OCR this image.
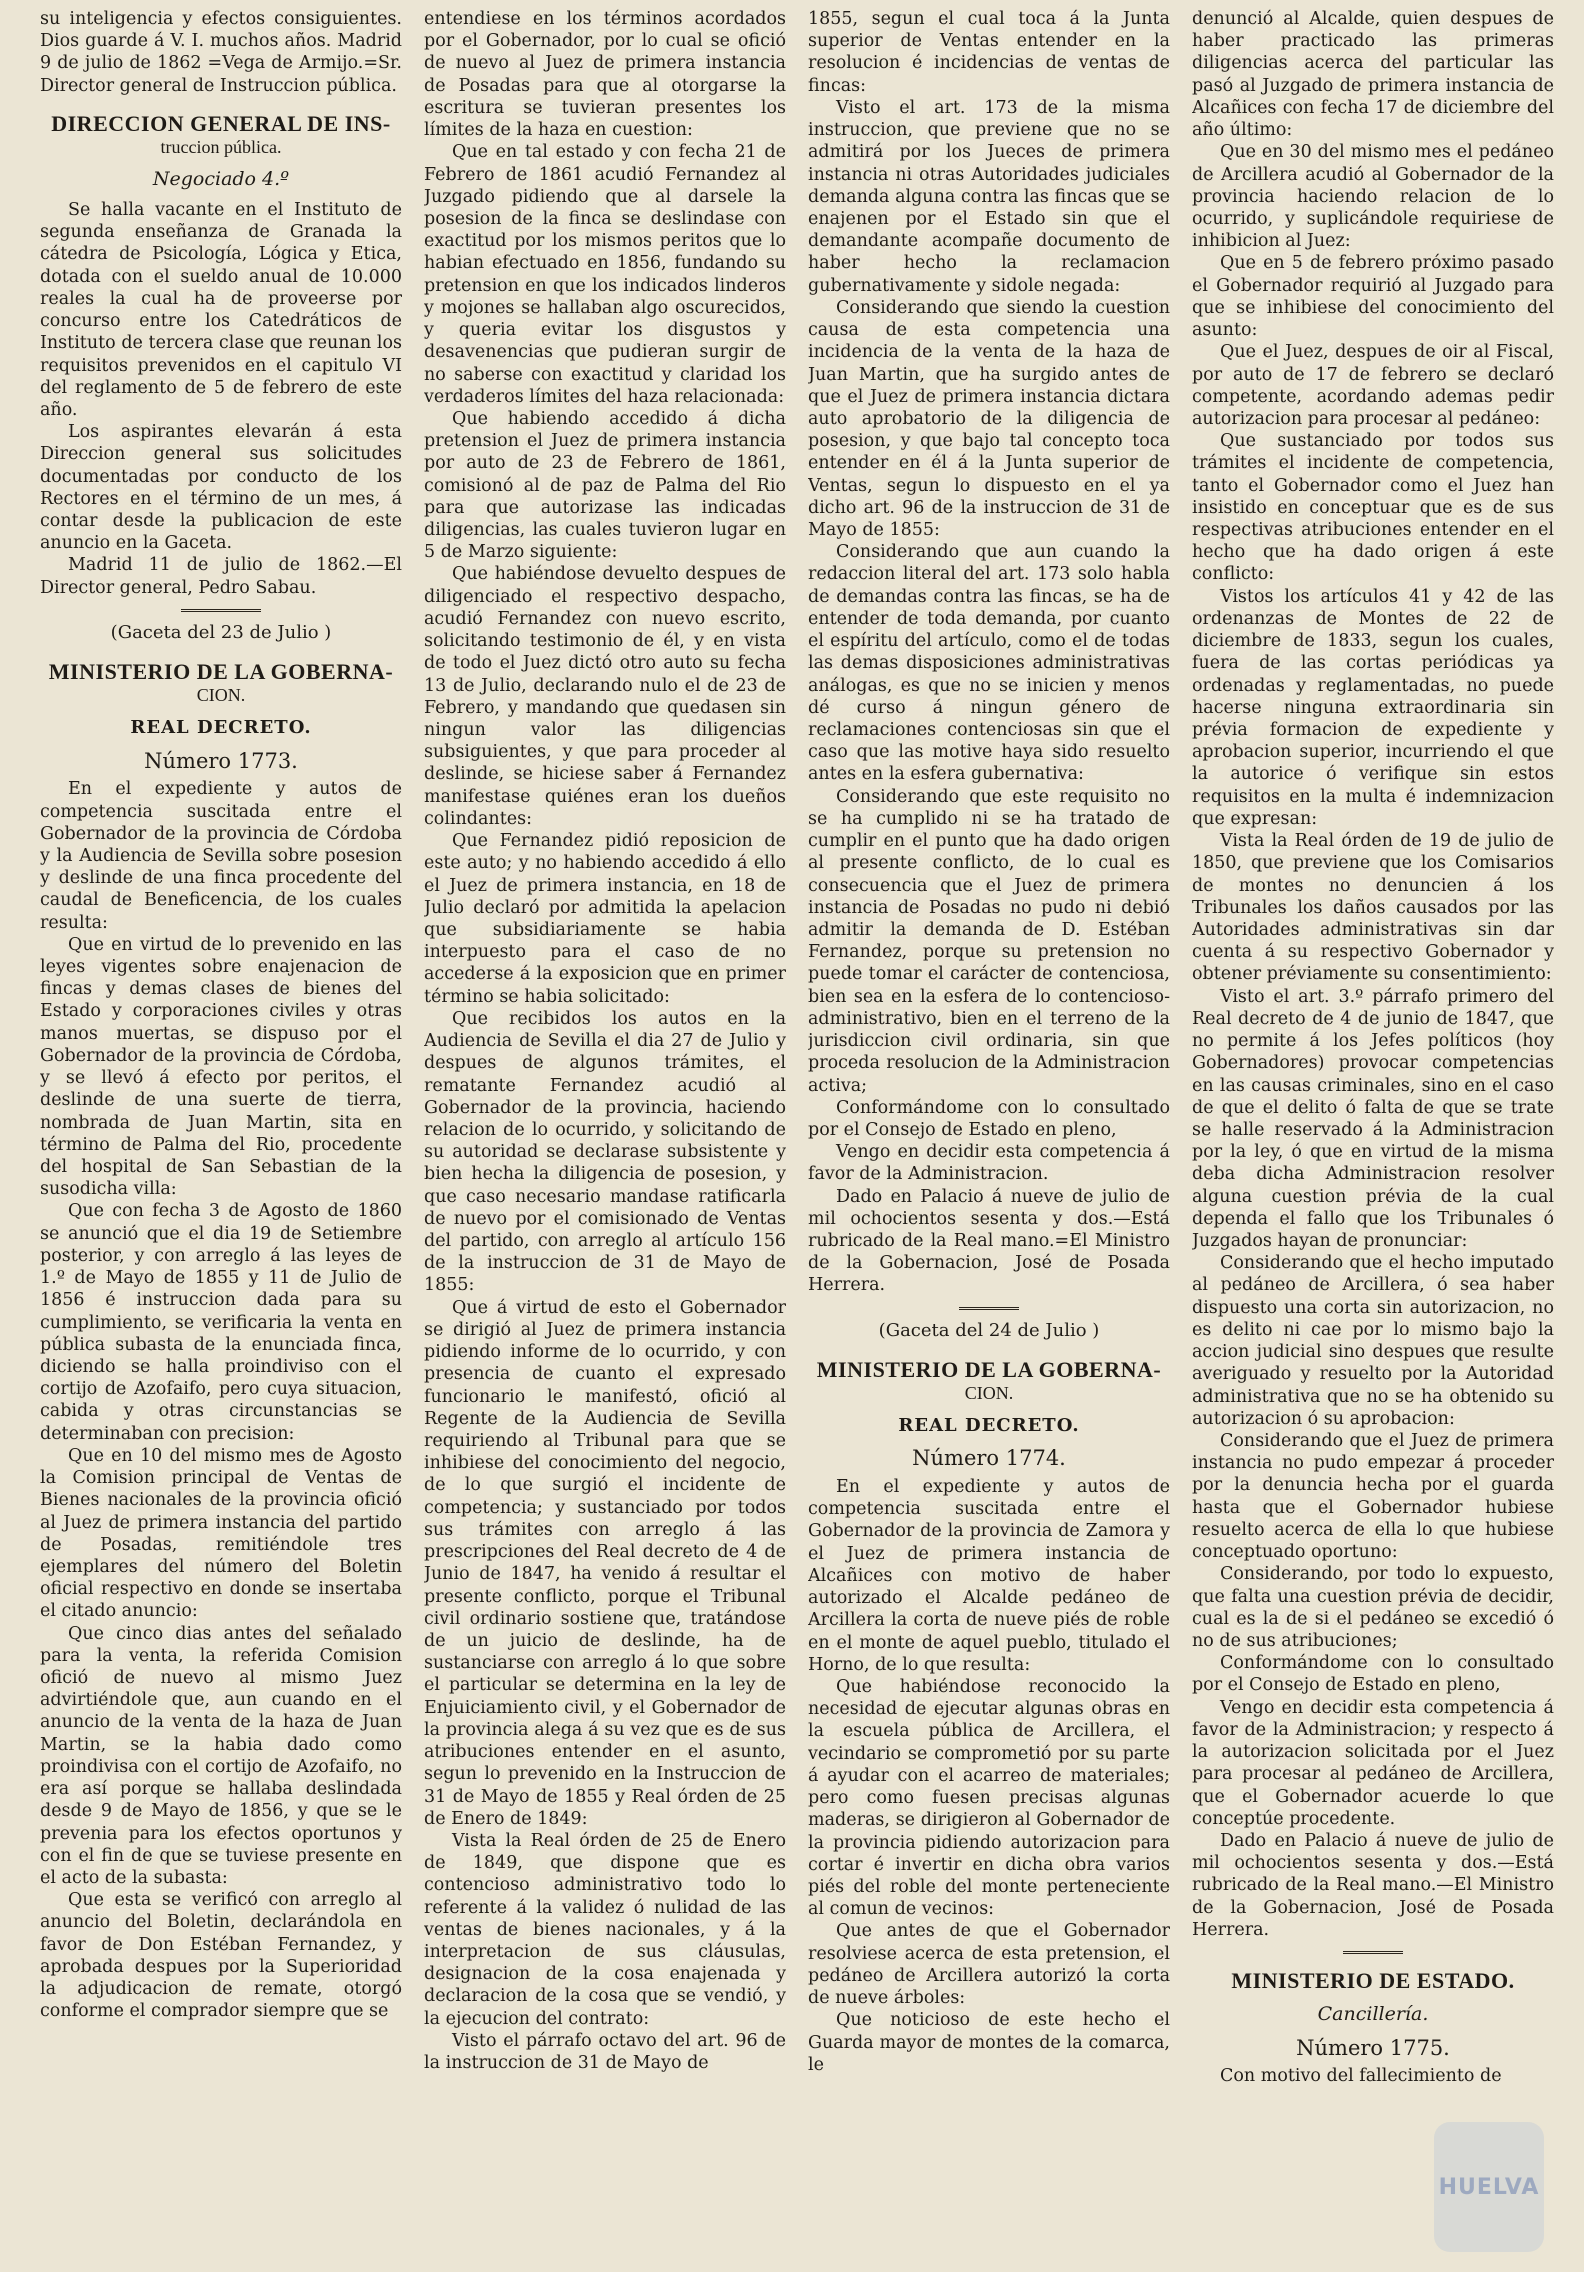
su inteligencia y efectos consiguientes. Dios guarde á V. I. muchos años. Madrid 9 de julio de 1862 =Vega de Armijo.=Sr. Director general de Instruccion pública.

DIRECCION GENERAL DE INS-
truccion pública.

Negociado 4.º

Se halla vacante en el Instituto de segunda enseñanza de Granada la cátedra de Psicología, Lógica y Etica, dotada con el sueldo anual de 10.000 reales la cual ha de proveerse por concurso entre los Catedráticos de Instituto de tercera clase que reunan los requisitos prevenidos en el capitulo VI del reglamento de 5 de febrero de este año.

Los aspirantes elevarán á esta Direccion general sus solicitudes documentadas por conducto de los Rectores en el término de un mes, á contar desde la publicacion de este anuncio en la Gaceta.

Madrid 11 de julio de 1862.—El Director general, Pedro Sabau.

(Gaceta del 23 de Julio )

MINISTERIO DE LA GOBERNA-
CION.

REAL DECRETO.

Número 1773.

En el expediente y autos de competencia suscitada entre el Gobernador de la provincia de Córdoba y la Audiencia de Sevilla sobre posesion y deslinde de una finca procedente del caudal de Beneficencia, de los cuales resulta:

Que en virtud de lo prevenido en las leyes vigentes sobre enajenacion de fincas y demas clases de bienes del Estado y corporaciones civiles y otras manos muertas, se dispuso por el Gobernador de la provincia de Córdoba, y se llevó á efecto por peritos, el deslinde de una suerte de tierra, nombrada de Juan Martin, sita en término de Palma del Rio, procedente del hospital de San Sebastian de la susodicha villa:

Que con fecha 3 de Agosto de 1860 se anunció que el dia 19 de Setiembre posterior, y con arreglo á las leyes de 1.º de Mayo de 1855 y 11 de Julio de 1856 é instruccion dada para su cumplimiento, se verificaria la venta en pública subasta de la enunciada finca, diciendo se halla proindiviso con el cortijo de Azofaifo, pero cuya situacion, cabida y otras circunstancias se determinaban con precision:

Que en 10 del mismo mes de Agosto la Comision principal de Ventas de Bienes nacionales de la provincia ofició al Juez de primera instancia del partido de Posadas, remitiéndole tres ejemplares del número del Boletin oficial respectivo en donde se insertaba el citado anuncio:

Que cinco dias antes del señalado para la venta, la referida Comision ofició de nuevo al mismo Juez advirtiéndole que, aun cuando en el anuncio de la venta de la haza de Juan Martin, se la habia dado como proindivisa con el cortijo de Azofaifo, no era así porque se hallaba deslindada desde 9 de Mayo de 1856, y que se le prevenia para los efectos oportunos y con el fin de que se tuviese presente en el acto de la subasta:

Que esta se verificó con arreglo al anuncio del Boletin, declarándola en favor de Don Estéban Fernandez, y aprobada despues por la Superioridad la adjudicacion de remate, otorgó conforme el comprador siempre que se

entendiese en los términos acordados por el Gobernador, por lo cual se ofició de nuevo al Juez de primera instancia de Posadas para que al otorgarse la escritura se tuvieran presentes los límites de la haza en cuestion:

Que en tal estado y con fecha 21 de Febrero de 1861 acudió Fernandez al Juzgado pidiendo que al darsele la posesion de la finca se deslindase con exactitud por los mismos peritos que lo habian efectuado en 1856, fundando su pretension en que los indicados linderos y mojones se hallaban algo oscurecidos, y queria evitar los disgustos y desavenencias que pudieran surgir de no saberse con exactitud y claridad los verdaderos límites del haza relacionada:

Que habiendo accedido á dicha pretension el Juez de primera instancia por auto de 23 de Febrero de 1861, comisionó al de paz de Palma del Rio para que autorizase las indicadas diligencias, las cuales tuvieron lugar en 5 de Marzo siguiente:

Que habiéndose devuelto despues de diligenciado el respectivo despacho, acudió Fernandez con nuevo escrito, solicitando testimonio de él, y en vista de todo el Juez dictó otro auto su fecha 13 de Julio, declarando nulo el de 23 de Febrero, y mandando que quedasen sin ningun valor las diligencias subsiguientes, y que para proceder al deslinde, se hiciese saber á Fernandez manifestase quiénes eran los dueños colindantes:

Que Fernandez pidió reposicion de este auto; y no habiendo accedido á ello el Juez de primera instancia, en 18 de Julio declaró por admitida la apelacion que subsidiariamente se habia interpuesto para el caso de no accederse á la exposicion que en primer término se habia solicitado:

Que recibidos los autos en la Audiencia de Sevilla el dia 27 de Julio y despues de algunos trámites, el rematante Fernandez acudió al Gobernador de la provincia, haciendo relacion de lo ocurrido, y solicitando de su autoridad se declarase subsistente y bien hecha la diligencia de posesion, y que caso necesario mandase ratificarla de nuevo por el comisionado de Ventas del partido, con arreglo al artículo 156 de la instruccion de 31 de Mayo de 1855:

Que á virtud de esto el Gobernador se dirigió al Juez de primera instancia pidiendo informe de lo ocurrido, y con presencia de cuanto el expresado funcionario le manifestó, ofició al Regente de la Audiencia de Sevilla requiriendo al Tribunal para que se inhibiese del conocimiento del negocio, de lo que surgió el incidente de competencia; y sustanciado por todos sus trámites con arreglo á las prescripciones del Real decreto de 4 de Junio de 1847, ha venido á resultar el presente conflicto, porque el Tribunal civil ordinario sostiene que, tratándose de un juicio de deslinde, ha de sustanciarse con arreglo á lo que sobre el particular se determina en la ley de Enjuiciamiento civil, y el Gobernador de la provincia alega á su vez que es de sus atribuciones entender en el asunto, segun lo prevenido en la Instruccion de 31 de Mayo de 1855 y Real órden de 25 de Enero de 1849:

Vista la Real órden de 25 de Enero de 1849, que dispone que es contencioso administrativo todo lo referente á la validez ó nulidad de las ventas de bienes nacionales, y á la interpretacion de sus cláusulas, designacion de la cosa enajenada y declaracion de la cosa que se vendió, y la ejecucion del contrato:

Visto el párrafo octavo del art. 96 de la instruccion de 31 de Mayo de

1855, segun el cual toca á la Junta superior de Ventas entender en la resolucion é incidencias de ventas de fincas:

Visto el art. 173 de la misma instruccion, que previene que no se admitirá por los Jueces de primera instancia ni otras Autoridades judiciales demanda alguna contra las fincas que se enajenen por el Estado sin que el demandante acompañe documento de haber hecho la reclamacion gubernativamente y sidole negada:

Considerando que siendo la cuestion causa de esta competencia una incidencia de la venta de la haza de Juan Martin, que ha surgido antes de que el Juez de primera instancia dictara auto aprobatorio de la diligencia de posesion, y que bajo tal concepto toca entender en él á la Junta superior de Ventas, segun lo dispuesto en el ya dicho art. 96 de la instruccion de 31 de Mayo de 1855:

Considerando que aun cuando la redaccion literal del art. 173 solo habla de demandas contra las fincas, se ha de entender de toda demanda, por cuanto el espíritu del artículo, como el de todas las demas disposiciones administrativas análogas, es que no se inicien y menos dé curso á ningun género de reclamaciones contenciosas sin que el caso que las motive haya sido resuelto antes en la esfera gubernativa:

Considerando que este requisito no se ha cumplido ni se ha tratado de cumplir en el punto que ha dado origen al presente conflicto, de lo cual es consecuencia que el Juez de primera instancia de Posadas no pudo ni debió admitir la demanda de D. Estéban Fernandez, porque su pretension no puede tomar el carácter de contenciosa, bien sea en la esfera de lo contencioso-administrativo, bien en el terreno de la jurisdiccion civil ordinaria, sin que proceda resolucion de la Administracion activa;

Conformándome con lo consultado por el Consejo de Estado en pleno,

Vengo en decidir esta competencia á favor de la Administracion.

Dado en Palacio á nueve de julio de mil ochocientos sesenta y dos.—Está rubricado de la Real mano.=El Ministro de la Gobernacion, José de Posada Herrera.

(Gaceta del 24 de Julio )

MINISTERIO DE LA GOBERNA-
CION.

REAL DECRETO.

Número 1774.

En el expediente y autos de competencia suscitada entre el Gobernador de la provincia de Zamora y el Juez de primera instancia de Alcañices con motivo de haber autorizado el Alcalde pedáneo de Arcillera la corta de nueve piés de roble en el monte de aquel pueblo, titulado el Horno, de lo que resulta:

Que habiéndose reconocido la necesidad de ejecutar algunas obras en la escuela pública de Arcillera, el vecindario se comprometió por su parte á ayudar con el acarreo de materiales; pero como fuesen precisas algunas maderas, se dirigieron al Gobernador de la provincia pidiendo autorizacion para cortar é invertir en dicha obra varios piés del roble del monte perteneciente al comun de vecinos:

Que antes de que el Gobernador resolviese acerca de esta pretension, el pedáneo de Arcillera autorizó la corta de nueve árboles:

Que noticioso de este hecho el Guarda mayor de montes de la comarca, le

denunció al Alcalde, quien despues de haber practicado las primeras diligencias acerca del particular las pasó al Juzgado de primera instancia de Alcañices con fecha 17 de diciembre del año último:

Que en 30 del mismo mes el pedáneo de Arcillera acudió al Gobernador de la provincia haciendo relacion de lo ocurrido, y suplicándole requiriese de inhibicion al Juez:

Que en 5 de febrero próximo pasado el Gobernador requirió al Juzgado para que se inhibiese del conocimiento del asunto:

Que el Juez, despues de oir al Fiscal, por auto de 17 de febrero se declaró competente, acordando ademas pedir autorizacion para procesar al pedáneo:

Que sustanciado por todos sus trámites el incidente de competencia, tanto el Gobernador como el Juez han insistido en conceptuar que es de sus respectivas atribuciones entender en el hecho que ha dado origen á este conflicto:

Vistos los artículos 41 y 42 de las ordenanzas de Montes de 22 de diciembre de 1833, segun los cuales, fuera de las cortas periódicas ya ordenadas y reglamentadas, no puede hacerse ninguna extraordinaria sin prévia formacion de expediente y aprobacion superior, incurriendo el que la autorice ó verifique sin estos requisitos en la multa é indemnizacion que expresan:

Vista la Real órden de 19 de julio de 1850, que previene que los Comisarios de montes no denuncien á los Tribunales los daños causados por las Autoridades administrativas sin dar cuenta á su respectivo Gobernador y obtener préviamente su consentimiento:

Visto el art. 3.º párrafo primero del Real decreto de 4 de junio de 1847, que no permite á los Jefes políticos (hoy Gobernadores) provocar competencias en las causas criminales, sino en el caso de que el delito ó falta de que se trate se halle reservado á la Administracion por la ley, ó que en virtud de la misma deba dicha Administracion resolver alguna cuestion prévia de la cual dependa el fallo que los Tribunales ó Juzgados hayan de pronunciar:

Considerando que el hecho imputado al pedáneo de Arcillera, ó sea haber dispuesto una corta sin autorizacion, no es delito ni cae por lo mismo bajo la accion judicial sino despues que resulte averiguado y resuelto por la Autoridad administrativa que no se ha obtenido su autorizacion ó su aprobacion:

Considerando que el Juez de primera instancia no pudo empezar á proceder por la denuncia hecha por el guarda hasta que el Gobernador hubiese resuelto acerca de ella lo que hubiese conceptuado oportuno:

Considerando, por todo lo expuesto, que falta una cuestion prévia de decidir, cual es la de si el pedáneo se excedió ó no de sus atribuciones;

Conformándome con lo consultado por el Consejo de Estado en pleno,

Vengo en decidir esta competencia á favor de la Administracion; y respecto á la autorizacion solicitada por el Juez para procesar al pedáneo de Arcillera, que el Gobernador acuerde lo que conceptúe procedente.

Dado en Palacio á nueve de julio de mil ochocientos sesenta y dos.—Está rubricado de la Real mano.—El Ministro de la Gobernacion, José de Posada Herrera.

MINISTERIO DE ESTADO.

Cancillería.

Número 1775.

Con motivo del fallecimiento de

HUELVA
